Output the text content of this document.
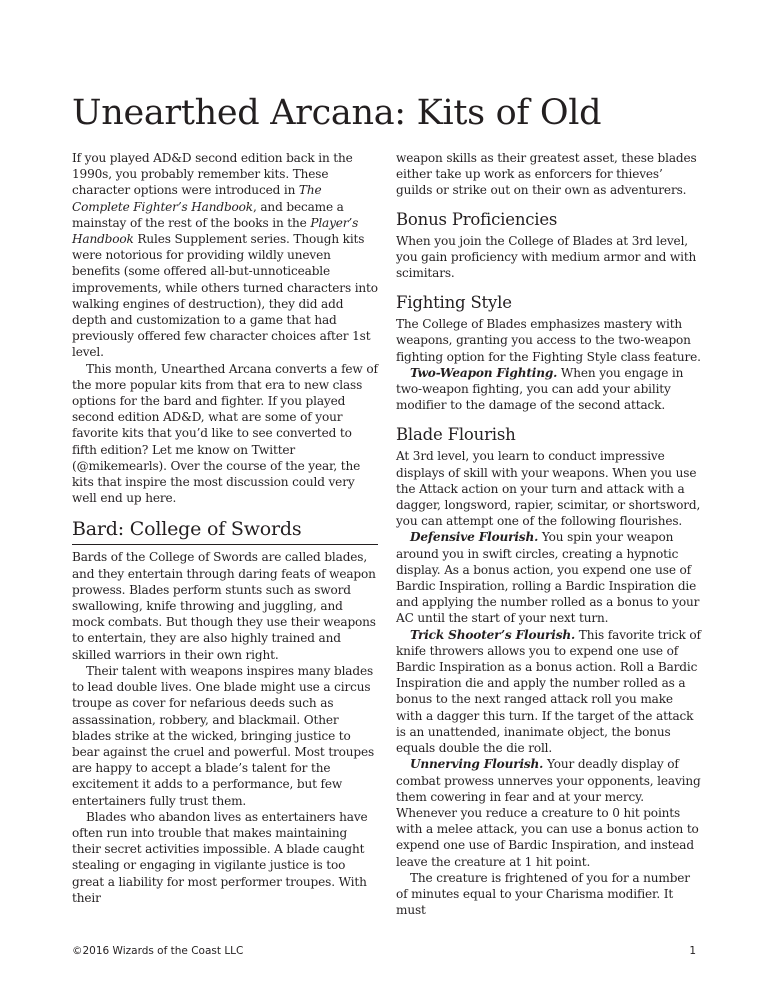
Unearthed Arcana: Kits of Old

If you played AD&D second edition back in the 1990s, you probably remember kits. These character options were introduced in The Complete Fighter’s Handbook, and became a mainstay of the rest of the books in the Player’s Handbook Rules Supplement series. Though kits were notorious for providing wildly uneven benefits (some offered all-but-unnoticeable improvements, while others turned characters into walking engines of destruction), they did add depth and customization to a game that had previously offered few character choices after 1st level.

This month, Unearthed Arcana converts a few of the more popular kits from that era to new class options for the bard and fighter. If you played second edition AD&D, what are some of your favorite kits that you’d like to see converted to fifth edition? Let me know on Twitter (@mikemearls). Over the course of the year, the kits that inspire the most discussion could very well end up here.

Bard: College of Swords

Bards of the College of Swords are called blades, and they entertain through daring feats of weapon prowess. Blades perform stunts such as sword swallowing, knife throwing and juggling, and mock combats. But though they use their weapons to entertain, they are also highly trained and skilled warriors in their own right.

Their talent with weapons inspires many blades to lead double lives. One blade might use a circus troupe as cover for nefarious deeds such as assassination, robbery, and blackmail. Other blades strike at the wicked, bringing justice to bear against the cruel and powerful. Most troupes are happy to accept a blade’s talent for the excitement it adds to a performance, but few entertainers fully trust them.

Blades who abandon lives as entertainers have often run into trouble that makes maintaining their secret activities impossible. A blade caught stealing or engaging in vigilante justice is too great a liability for most performer troupes. With their

weapon skills as their greatest asset, these blades either take up work as enforcers for thieves’ guilds or strike out on their own as adventurers.

Bonus Proficiencies

When you join the College of Blades at 3rd level, you gain proficiency with medium armor and with scimitars.

Fighting Style

The College of Blades emphasizes mastery with weapons, granting you access to the two-weapon fighting option for the Fighting Style class feature.

Two-Weapon Fighting. When you engage in two-weapon fighting, you can add your ability modifier to the damage of the second attack.

Blade Flourish

At 3rd level, you learn to conduct impressive displays of skill with your weapons. When you use the Attack action on your turn and attack with a dagger, longsword, rapier, scimitar, or shortsword, you can attempt one of the following flourishes.

Defensive Flourish. You spin your weapon around you in swift circles, creating a hypnotic display. As a bonus action, you expend one use of Bardic Inspiration, rolling a Bardic Inspiration die and applying the number rolled as a bonus to your AC until the start of your next turn.

Trick Shooter’s Flourish. This favorite trick of knife throwers allows you to expend one use of Bardic Inspiration as a bonus action. Roll a Bardic Inspiration die and apply the number rolled as a bonus to the next ranged attack roll you make with a dagger this turn. If the target of the attack is an unattended, inanimate object, the bonus equals double the die roll.

Unnerving Flourish. Your deadly display of combat prowess unnerves your opponents, leaving them cowering in fear and at your mercy. Whenever you reduce a creature to 0 hit points with a melee attack, you can use a bonus action to expend one use of Bardic Inspiration, and instead leave the creature at 1 hit point.

The creature is frightened of you for a number of minutes equal to your Charisma modifier. It must

©2016 Wizards of the Coast LLC	1
